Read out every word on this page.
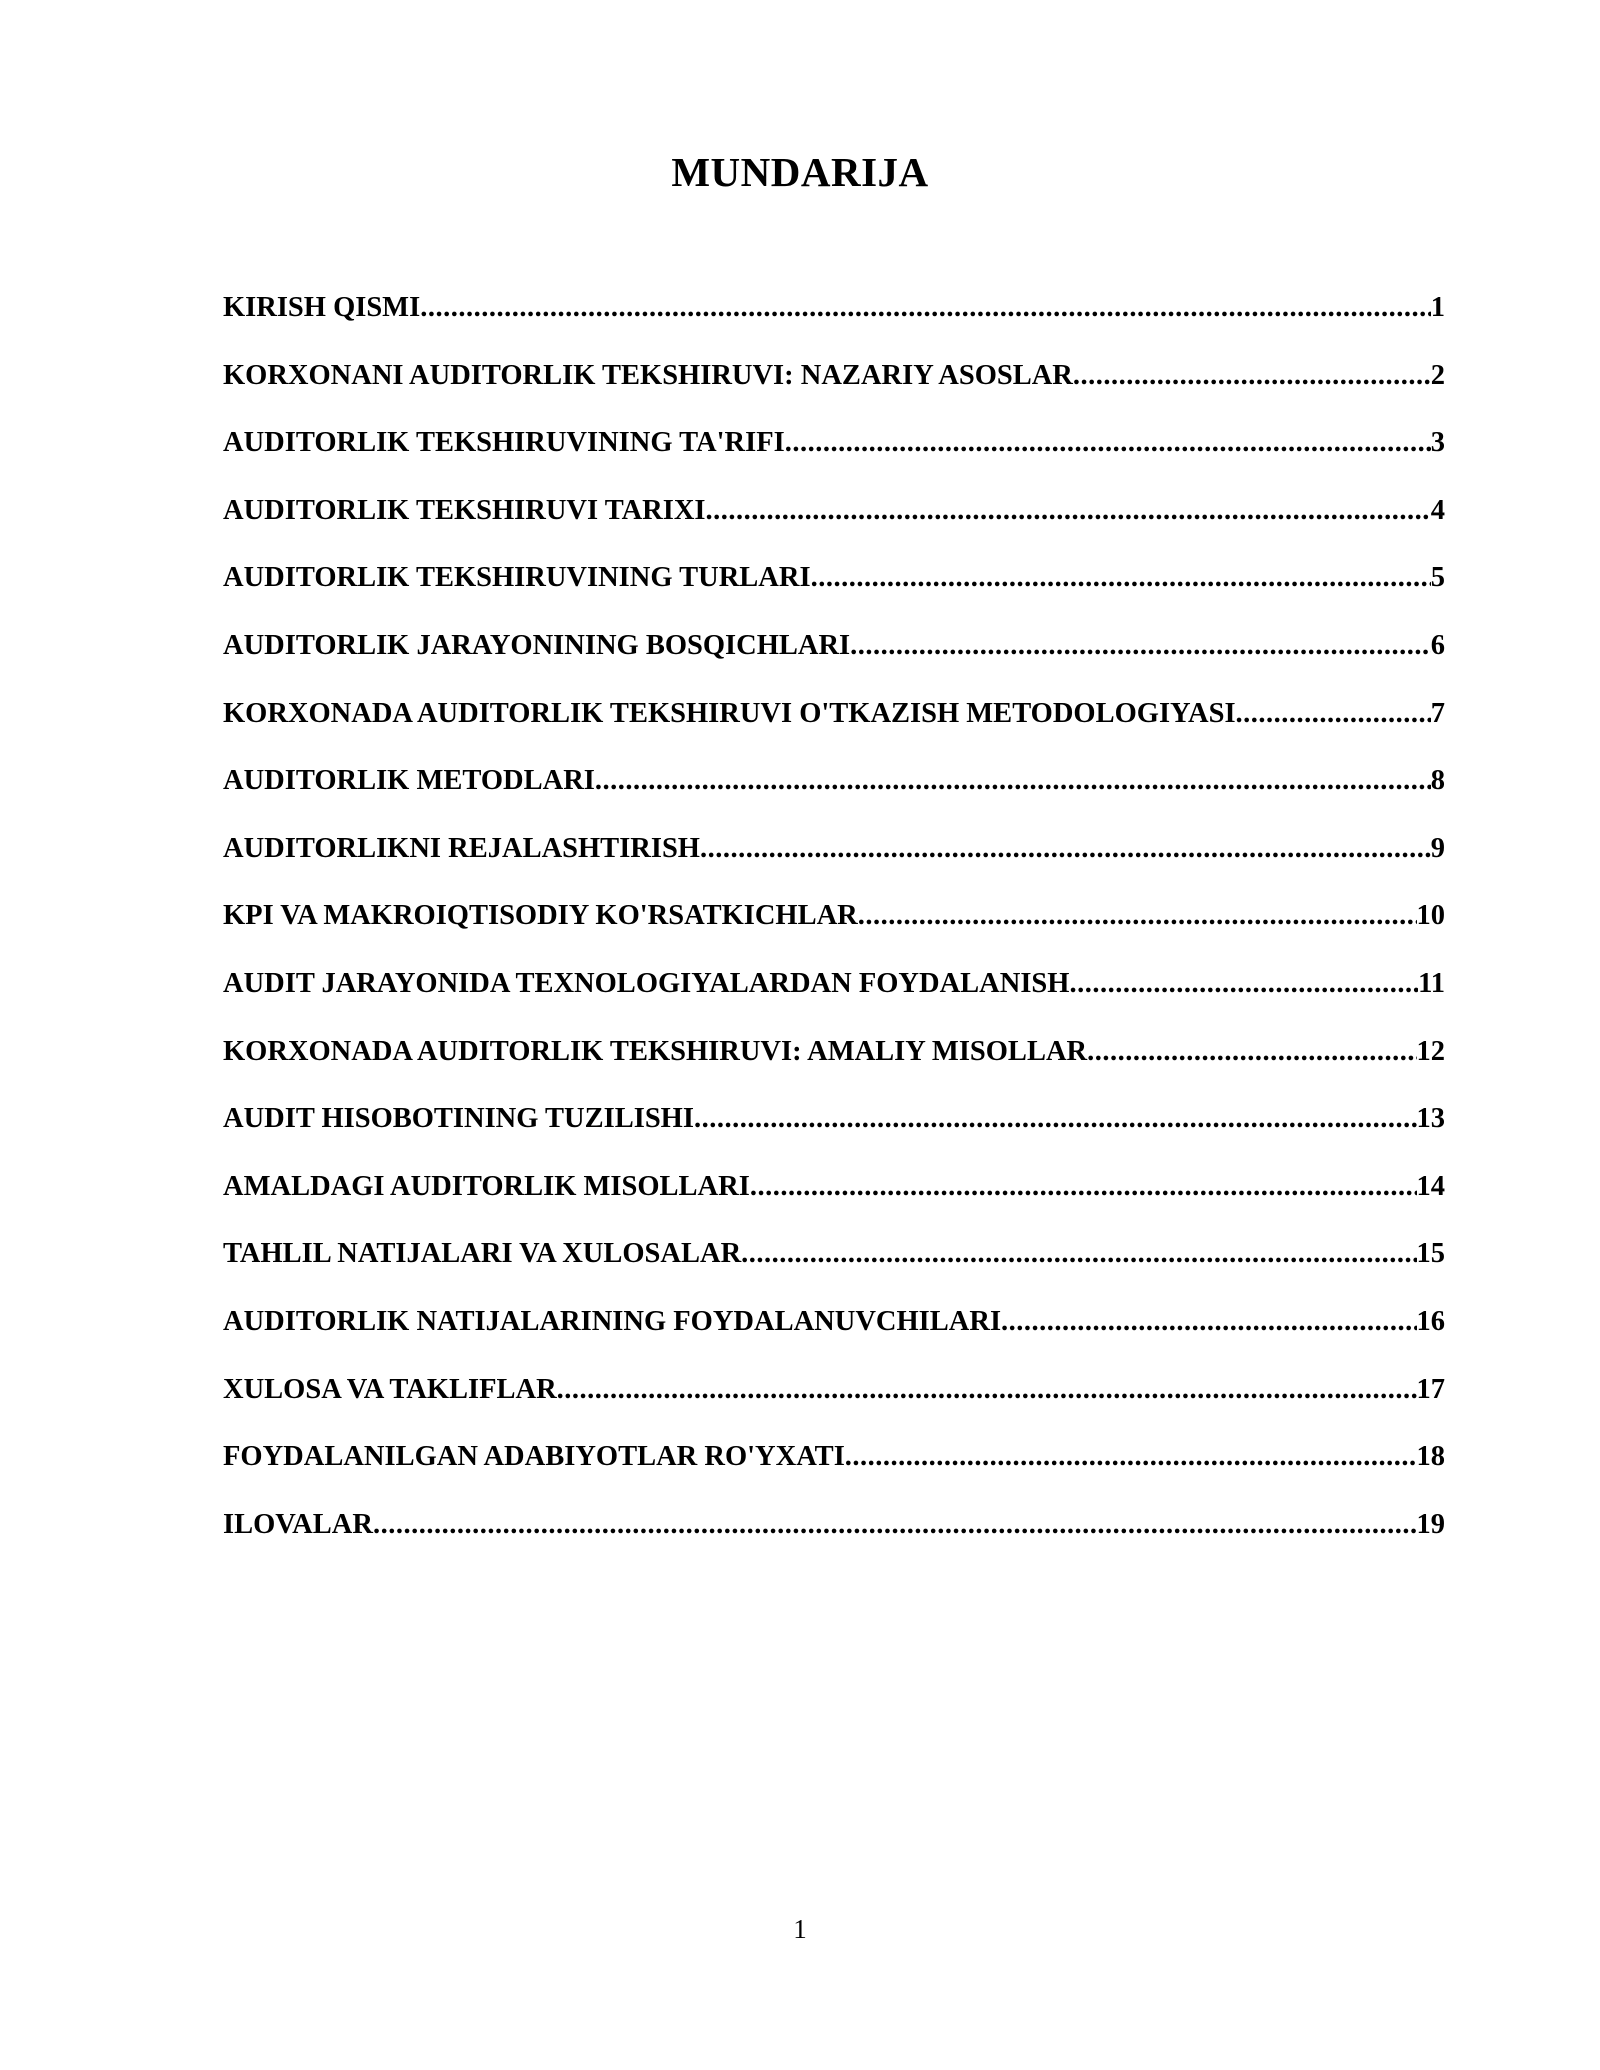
MUNDARIJA
KIRISH QISMI .....	1
KORXONANI AUDITORLIK TEKSHIRUVI: NAZARIY ASOSLAR .....	2
AUDITORLIK TEKSHIRUVINING TA'RIFI .....	3
AUDITORLIK TEKSHIRUVI TARIXI .....	4
AUDITORLIK TEKSHIRUVINING TURLARI .....	5
AUDITORLIK JARAYONINING BOSQICHLARI .....	6
KORXONADA AUDITORLIK TEKSHIRUVI O'TKAZISH METODOLOGIYASI .....	7
AUDITORLIK METODLARI .....	8
AUDITORLIKNI REJALASHTIRISH .....	9
KPI VA MAKROIQTISODIY KO'RSATKICHLAR .....	10
AUDIT JARAYONIDA TEXNOLOGIYALARDAN FOYDALANISH .....	11
KORXONADA AUDITORLIK TEKSHIRUVI: AMALIY MISOLLAR .....	12
AUDIT HISOBOTINING TUZILISHI .....	13
AMALDAGI AUDITORLIK MISOLLARI .....	14
TAHLIL NATIJALARI VA XULOSALAR .....	15
AUDITORLIK NATIJALARINING FOYDALANUVCHILARI .....	16
XULOSA VA TAKLIFLAR .....	17
FOYDALANILGAN ADABIYOTLAR RO'YXATI .....	18
ILOVALAR .....	19
1
